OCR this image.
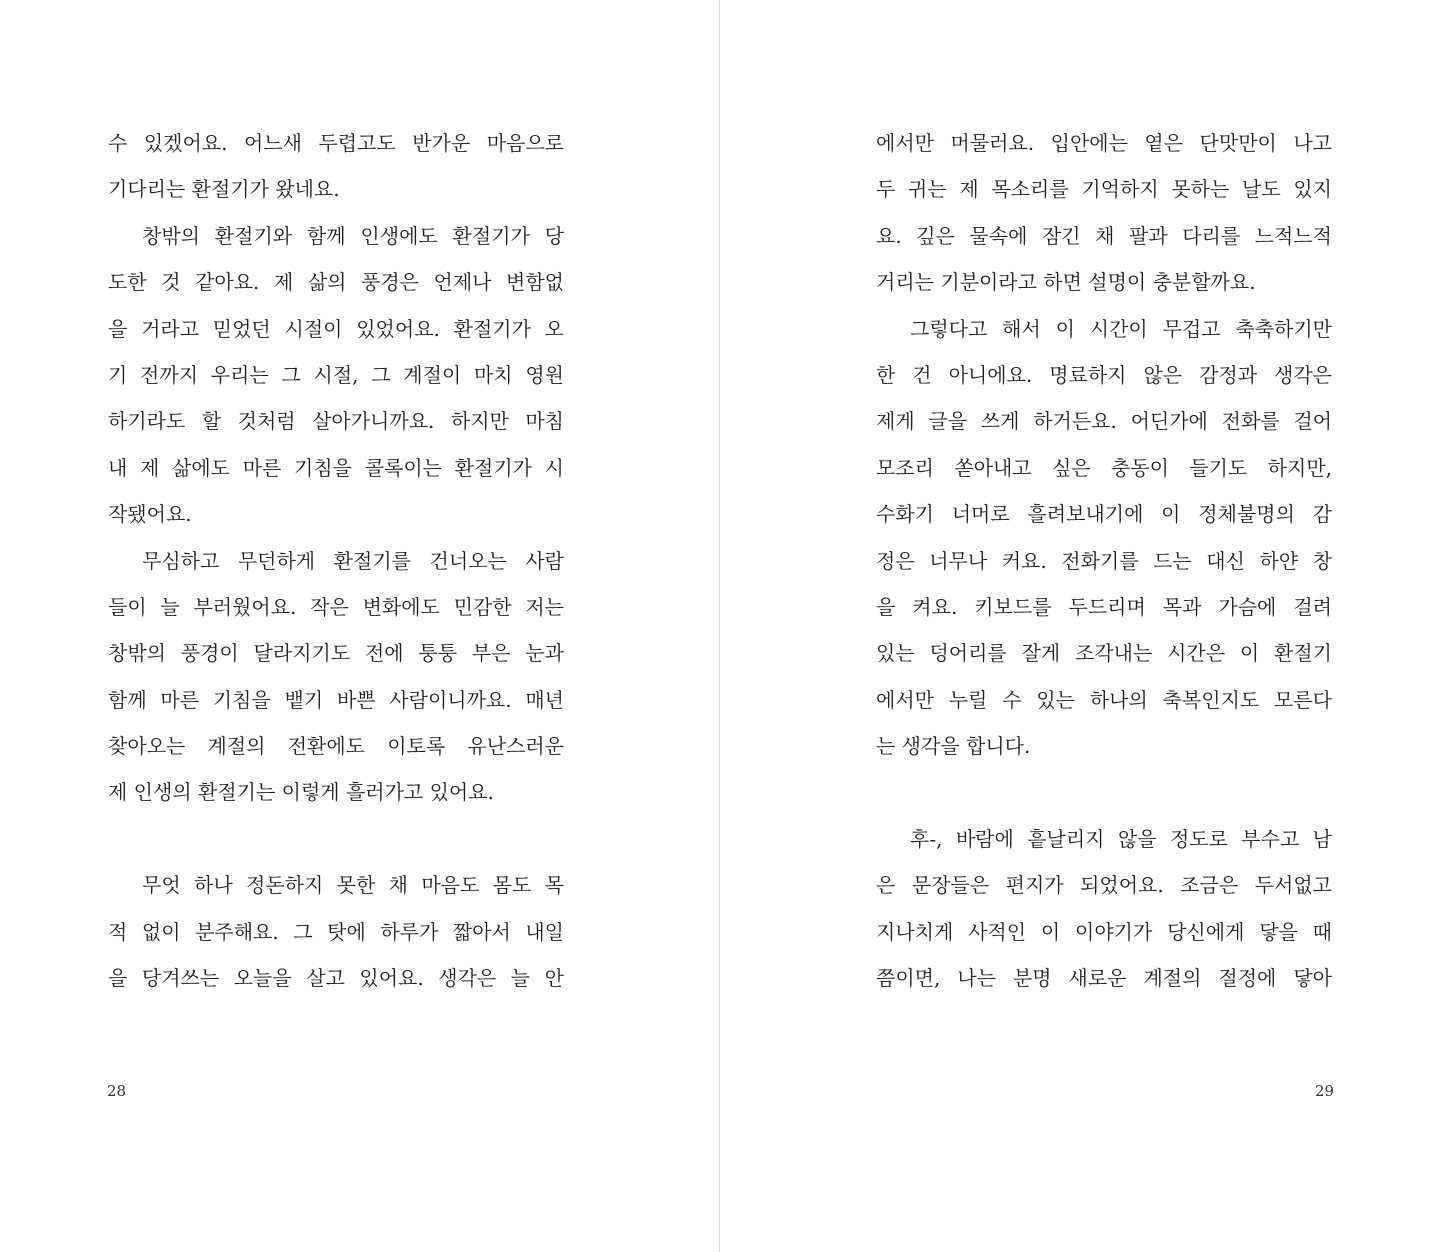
수 있겠어요. 어느새 두렵고도 반가운 마음으로
기다리는 환절기가 왔네요.
창밖의 환절기와 함께 인생에도 환절기가 당
도한 것 같아요. 제 삶의 풍경은 언제나 변함없
을 거라고 믿었던 시절이 있었어요. 환절기가 오
기 전까지 우리는 그 시절, 그 계절이 마치 영원
하기라도 할 것처럼 살아가니까요. 하지만 마침
내 제 삶에도 마른 기침을 콜록이는 환절기가 시
작됐어요.
무심하고 무던하게 환절기를 건너오는 사람
들이 늘 부러웠어요. 작은 변화에도 민감한 저는
창밖의 풍경이 달라지기도 전에 퉁퉁 부은 눈과
함께 마른 기침을 뱉기 바쁜 사람이니까요. 매년
찾아오는 계절의 전환에도 이토록 유난스러운
제 인생의 환절기는 이렇게 흘러가고 있어요.
무엇 하나 정돈하지 못한 채 마음도 몸도 목
적 없이 분주해요. 그 탓에 하루가 짧아서 내일
을 당겨쓰는 오늘을 살고 있어요. 생각은 늘 안
28
에서만 머물러요. 입안에는 옅은 단맛만이 나고
두 귀는 제 목소리를 기억하지 못하는 날도 있지
요. 깊은 물속에 잠긴 채 팔과 다리를 느적느적
거리는 기분이라고 하면 설명이 충분할까요.
그렇다고 해서 이 시간이 무겁고 축축하기만
한 건 아니에요. 명료하지 않은 감정과 생각은
제게 글을 쓰게 하거든요. 어딘가에 전화를 걸어
모조리 쏟아내고 싶은 충동이 들기도 하지만,
수화기 너머로 흘려보내기에 이 정체불명의 감
정은 너무나 커요. 전화기를 드는 대신 하얀 창
을 켜요. 키보드를 두드리며 목과 가슴에 걸려
있는 덩어리를 잘게 조각내는 시간은 이 환절기
에서만 누릴 수 있는 하나의 축복인지도 모른다
는 생각을 합니다.
후-, 바람에 흩날리지 않을 정도로 부수고 남
은 문장들은 편지가 되었어요. 조금은 두서없고
지나치게 사적인 이 이야기가 당신에게 닿을 때
쯤이면, 나는 분명 새로운 계절의 절정에 닿아
29
